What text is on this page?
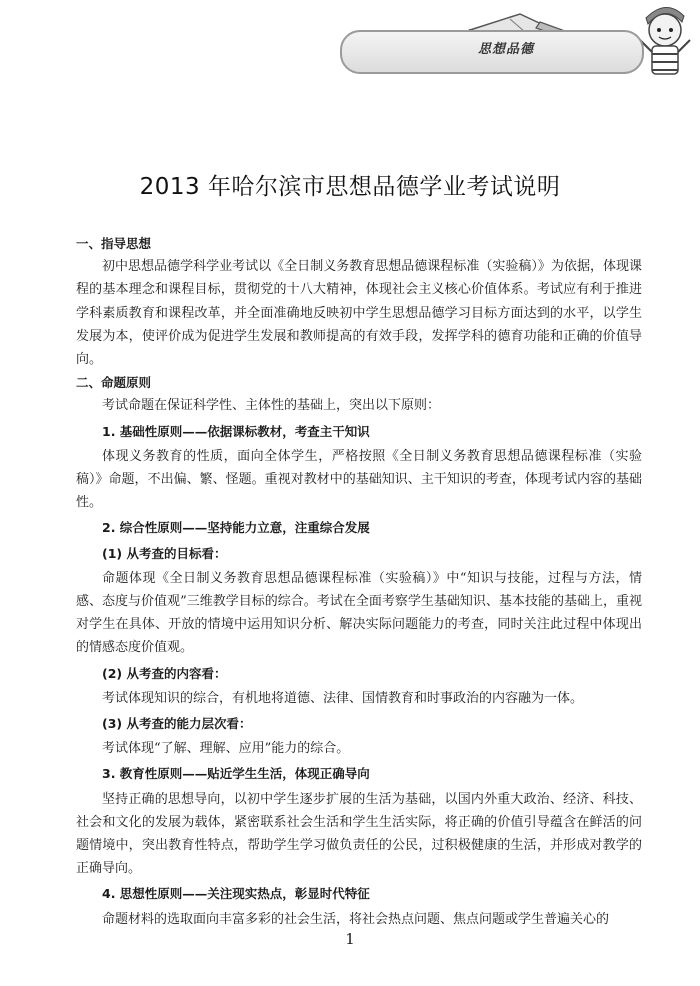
思想品德
2013 年哈尔滨市思想品德学业考试说明
一、指导思想

初中思想品德学科学业考试以《全日制义务教育思想品德课程标准（实验稿）》为依据，体现课程的基本理念和课程目标，贯彻党的十八大精神，体现社会主义核心价值体系。考试应有利于推进学科素质教育和课程改革，并全面准确地反映初中学生思想品德学习目标方面达到的水平，以学生发展为本，使评价成为促进学生发展和教师提高的有效手段，发挥学科的德育功能和正确的价值导向。

二、命题原则

考试命题在保证科学性、主体性的基础上，突出以下原则：

1. 基础性原则——依据课标教材，考查主干知识

体现义务教育的性质，面向全体学生，严格按照《全日制义务教育思想品德课程标准（实验稿）》命题，不出偏、繁、怪题。重视对教材中的基础知识、主干知识的考查，体现考试内容的基础性。

2. 综合性原则——坚持能力立意，注重综合发展
(1) 从考查的目标看：

命题体现《全日制义务教育思想品德课程标准（实验稿）》中“知识与技能，过程与方法，情感、态度与价值观”三维教学目标的综合。考试在全面考察学生基础知识、基本技能的基础上，重视对学生在具体、开放的情境中运用知识分析、解决实际问题能力的考查，同时关注此过程中体现出的情感态度价值观。

(2) 从考查的内容看：

考试体现知识的综合，有机地将道德、法律、国情教育和时事政治的内容融为一体。

(3) 从考查的能力层次看：

考试体现“了解、理解、应用”能力的综合。

3. 教育性原则——贴近学生生活，体现正确导向

坚持正确的思想导向，以初中学生逐步扩展的生活为基础，以国内外重大政治、经济、科技、社会和文化的发展为载体，紧密联系社会生活和学生生活实际，将正确的价值引导蕴含在鲜活的问题情境中，突出教育性特点，帮助学生学习做负责任的公民，过积极健康的生活，并形成对教学的正确导向。

4. 思想性原则——关注现实热点，彰显时代特征

命题材料的选取面向丰富多彩的社会生活，将社会热点问题、焦点问题或学生普遍关心的

1
